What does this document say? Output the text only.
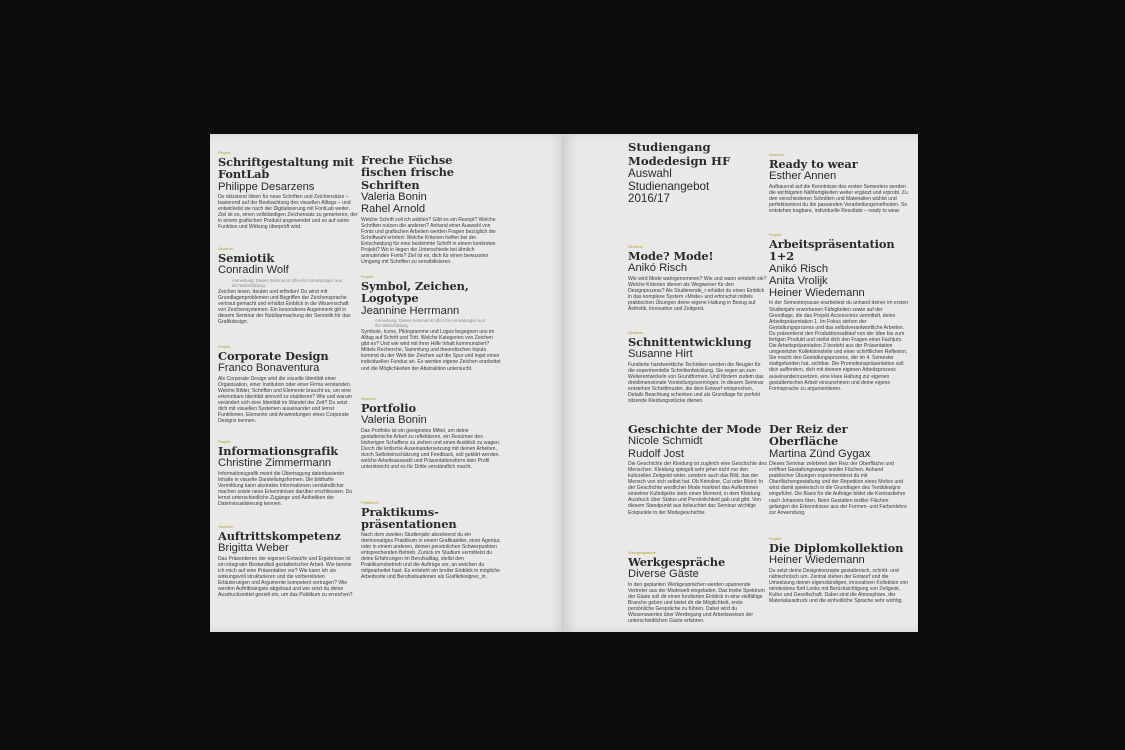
Projekt
Schriftgestaltung mit FontLab
Philippe Desarzens
Du skizzierst Ideen für neue Schriften und Zeichensätze – basierend auf der Beobachtung des visuellen Alltags – und entwickelst sie nach der Digitalisierung mit FontLab weiter. Ziel ist es, einen vollständigen Zeichensatz zu generieren, der in einem grafischen Produkt angewendet und so auf seine Funktion und Wirkung überprüft wird.
Seminar
Semiotik
Conradin Wolf
Anmerkung: Dieses Seminar ist offen für Anmeldungen aus der Weiterbildung.
Zeichen lesen, deuten und erfinden! Du wirst mit Grundlagenproblemen und Begriffen der Zeichensprache vertraut gemacht und erhältst Einblick in die Wissenschaft von Zeichensystemen. Ein besonderes Augenmerk gilt in diesem Seminar der Nutzbarmachung der Semiotik für das Grafikdesign.
Projekt
Corporate Design
Franco Bonaventura
Als Corporate Design wird die visuelle Identität einer Organisation, einer Institution oder einer Firma verstanden. Welche Bilder, Schriften und Elemente braucht es, um eine erkennbare Identität sinnvoll zu etablieren? Wie und warum verändert sich eine Identität im Wandel der Zeit? Du setzt dich mit visuellen Systemen auseinander und lernst Funktionen, Elemente und Anwendungen eines Corporate Designs kennen.
Projekt
Informationsgrafik
Christine Zimmermann
Informationsgrafik meint die Übertragung datenbasierter Inhalte in visuelle Darstellungsformen. Die bildhafte Vermittlung kann abstrakte Informationen verständlicher machen sowie neue Erkenntnisse darüber erschliessen. Du lernst unterschiedliche Zugänge und Ästhetiken der Datenvisualisierung kennen.
Seminar
Auftrittskompetenz
Brigitta Weber
Das Präsentieren der eigenen Entwürfe und Ergebnisse ist ein integraler Bestandteil gestalterischer Arbeit. Wie bereite ich mich auf eine Präsentation vor? Wie kann ich sie wirkungsvoll strukturieren und die vorbereiteten Erläuterungen und Argumente kompetent vortragen? Wie werden Auftrittsängste abgebaut und wie setzt du deine Ausdrucksmittel gezielt ein, um das Publikum zu erreichen?
Freche Füchse fischen frische Schriften
Valeria Bonin
Rahel Arnold
Welche Schrift soll ich wählen? Gibt es ein Rezept? Welche Schriften nutzen die anderen? Anhand einer Auswahl von Fonts und grafischen Arbeiten werden Fragen bezüglich der Schriftwahl erörtert: Welche Kriterien helfen bei der Entscheidung für eine bestimmte Schrift in einem konkreten Projekt? Wo in liegen die Unterschiede bei ähnlich anmutenden Fonts? Ziel ist es, dich für einen bewussten Umgang mit Schriften zu sensibilisieren.
Projekt
Symbol, Zeichen, Logotype
Jeannine Herrmann
Anmerkung: Dieses Seminar ist offen für Anmeldungen aus der Weiterbildung.
Symbole, Icons, Piktogramme und Logos begegnen uns im Alltag auf Schritt und Tritt. Welche Kategorien von Zeichen gibt es? Und wie wird mit ihrer Hilfe Inhalt kommuniziert? Mittels Recherche, Sammlung und theoretischen Inputs kommst du der Welt der Zeichen auf die Spur und legst einen individuellen Fundus an. Es werden eigene Zeichen erarbeitet und die Möglichkeiten der Abstraktion untersucht.
Seminar
Portfolio
Valeria Bonin
Das Portfolio ist ein geeignetes Mittel, um deine gestalterische Arbeit zu reflektieren, ein Resümee des bisherigen Schaffens zu ziehen und einen Ausblick zu wagen. Durch die kritische Auseinandersetzung mit deinen Arbeiten, durch Selbsteinschätzung und Feedback, soll geklärt werden, welche Arbeitsauswahl und Präsentationsform dein Profil unterstreicht und es für Dritte verständlich macht.
Praktikum
Praktikums-präsentationen
Nach dem zweiten Studienjahr absolvierst du ein dreimonatiges Praktikum in einem Grafikatelier, einer Agentur, oder in einem anderen, deinen persönlichen Schwerpunkten entsprechenden Betrieb. Zurück im Studium vermittelst du deine Erfahrungen im Berufsalltag, stellst den Praktikumsbetrieb und die Aufträge vor, an welchen du mitgearbeitet hast. Es entsteht ein breiter Einblick in mögliche Arbeitsorte und Berufssituationen als Grafikdesigner_in.
Studiengang
Modedesign HF
Auswahl
Studienangebot
2016/17
Seminar
Mode? Mode!
Anikó Risch
Wie wird Mode wahrgenommen? Wie und wann entsteht sie? Welche Kriterien dienen als Wegweiser für den Designprozess? Als Studierende_r erhältst du einen Einblick in das komplexe System «Mode» und erforschst mittels praktischen Übungen deine eigene Haltung in Bezug auf Ästhetik, Innovation und Zeitgeist.
Seminar
Schnittentwicklung
Susanne Hirt
Fundierte handwerkliche Techniken werden die Neugier für die experimentelle Schnittentwicklung. Sie regen an zum Weiterentwickeln von Grundformen. Und fördern zudem das dreidimensionale Vorstellungsvermögen. In diesem Seminar entstehen Schnittmuster, die dem Entwurf entsprechen, Details Beachtung schenken und als Grundlage für perfekt sitzende Kleidungsstücke dienen.
Geschichte der Mode
Nicole Schmidt
Rudolf Jost
Die Geschichte der Kleidung ist zugleich eine Geschichte des Menschen. Kleidung spiegelt sehr jeher nicht nur den kulturellen Zeitgeist wider, sondern auch das Bild, das der Mensch von sich selbst hat. Ob Krinoline, Cut oder Bikini: In der Geschichte westlicher Mode markiert das Aufkommen einzelner Kultobjekte stets einen Moment, in dem Kleidung Ausdruck über Status und Persönlichkeit gab und gibt. Von diesem Standpunkt aus beleuchtet das Seminar wichtige Eckpunkte in der Modegeschichte.
Werkgespräche
Werkgespräche
Diverse Gäste
In den geplanten Werkgesprächen werden spannende Vertreter aus der Modewelt eingeladen. Das breite Spektrum der Gäste soll dir einen fundierten Einblick in eine vielfältige Branche geben und bietet dir die Möglichkeit, erste persönliche Gespräche zu führen. Dabei wird du Wissenswertes über Werdegang und Arbeitsweisen der unterschiedlichen Gäste erfahren.
Seminar
Ready to wear
Esther Annen
Aufbauend auf die Kenntnisse des ersten Semesters werden die wichtigsten Nähfertigkeiten weiter ergänzt und erprobt. Zu den verschiedenen Schnitten und Materialien wählst und perfektionierst du die passenden Verarbeitungsmethoden. So entstehen tragbare, individuelle Resultate – ready to wear.
Projekt
Arbeitspräsentation 1+2
Anikó Risch
Anita Vrolijk
Heiner Wiedemann
In der Semesterpause erarbeitest du anhand deiner im ersten Studienjahr erworbenen Fähigkeiten sowie auf der Grundlage, die das Projekt Accessoires vermittelt, deine Arbeitspräsentation 1. Im Fokus stehen der Gestaltungsprozess und das selbstverantwortliche Arbeiten. Du präsentierst den Produktionsablauf von der Idee bis zum fertigen Produkt und stellst dich den Fragen einer Fachjury. Die Arbeitspräsentation 2 besteht aus der Präsentation umgesetzter Kollektionsteile und einer schriftlichen Reflexion. Sie macht den Gestaltungsprozess, der im 4. Semester stattgefunden hat, sichtbar. Die Promotionspräsentation soll dich auffordern, dich mit deinem eigenen Arbeitsprozess auseinanderzusetzen, eine klare Haltung zur eigenen gestalterischen Arbeit einzunehmen und deine eigene Formsprache zu argumentieren.
Der Reiz der Oberfläche
Martina Zünd Gygax
Dieses Seminar zelebriert den Reiz der Oberfläche und eröffnet Gestaltungswege textiler Flächen. Anhand praktischer Übungen experimentierst du mit Oberflächengestaltung und der Repetition eines Motivs und wirst damit spielerisch in die Grundlagen des Textildesigns eingeführt. Die Basis für die Aufträge bildet die Kontrastlehre nach Johannes Itten. Beim Gestalten textiler Flächen gelangen die Erkenntnisse aus der Formen- und Farbenlehre zur Anwendung.
Projekt
Die Diplomkollektion
Heiner Wiedemann
Du setzt deine Designkonzepte gestalterisch, schnitt- und nähtechnisch um. Zentral stehen der Entwurf und die Umsetzung deiner eigenständigen, innovativen Kollektion von mindestens fünf Looks mit Berücksichtigung von Zeitgeist, Kultur und Gesellschaft. Dabei sind die Atmosphäre, der Materialausdruck und die einheitliche Sprache sehr wichtig.
